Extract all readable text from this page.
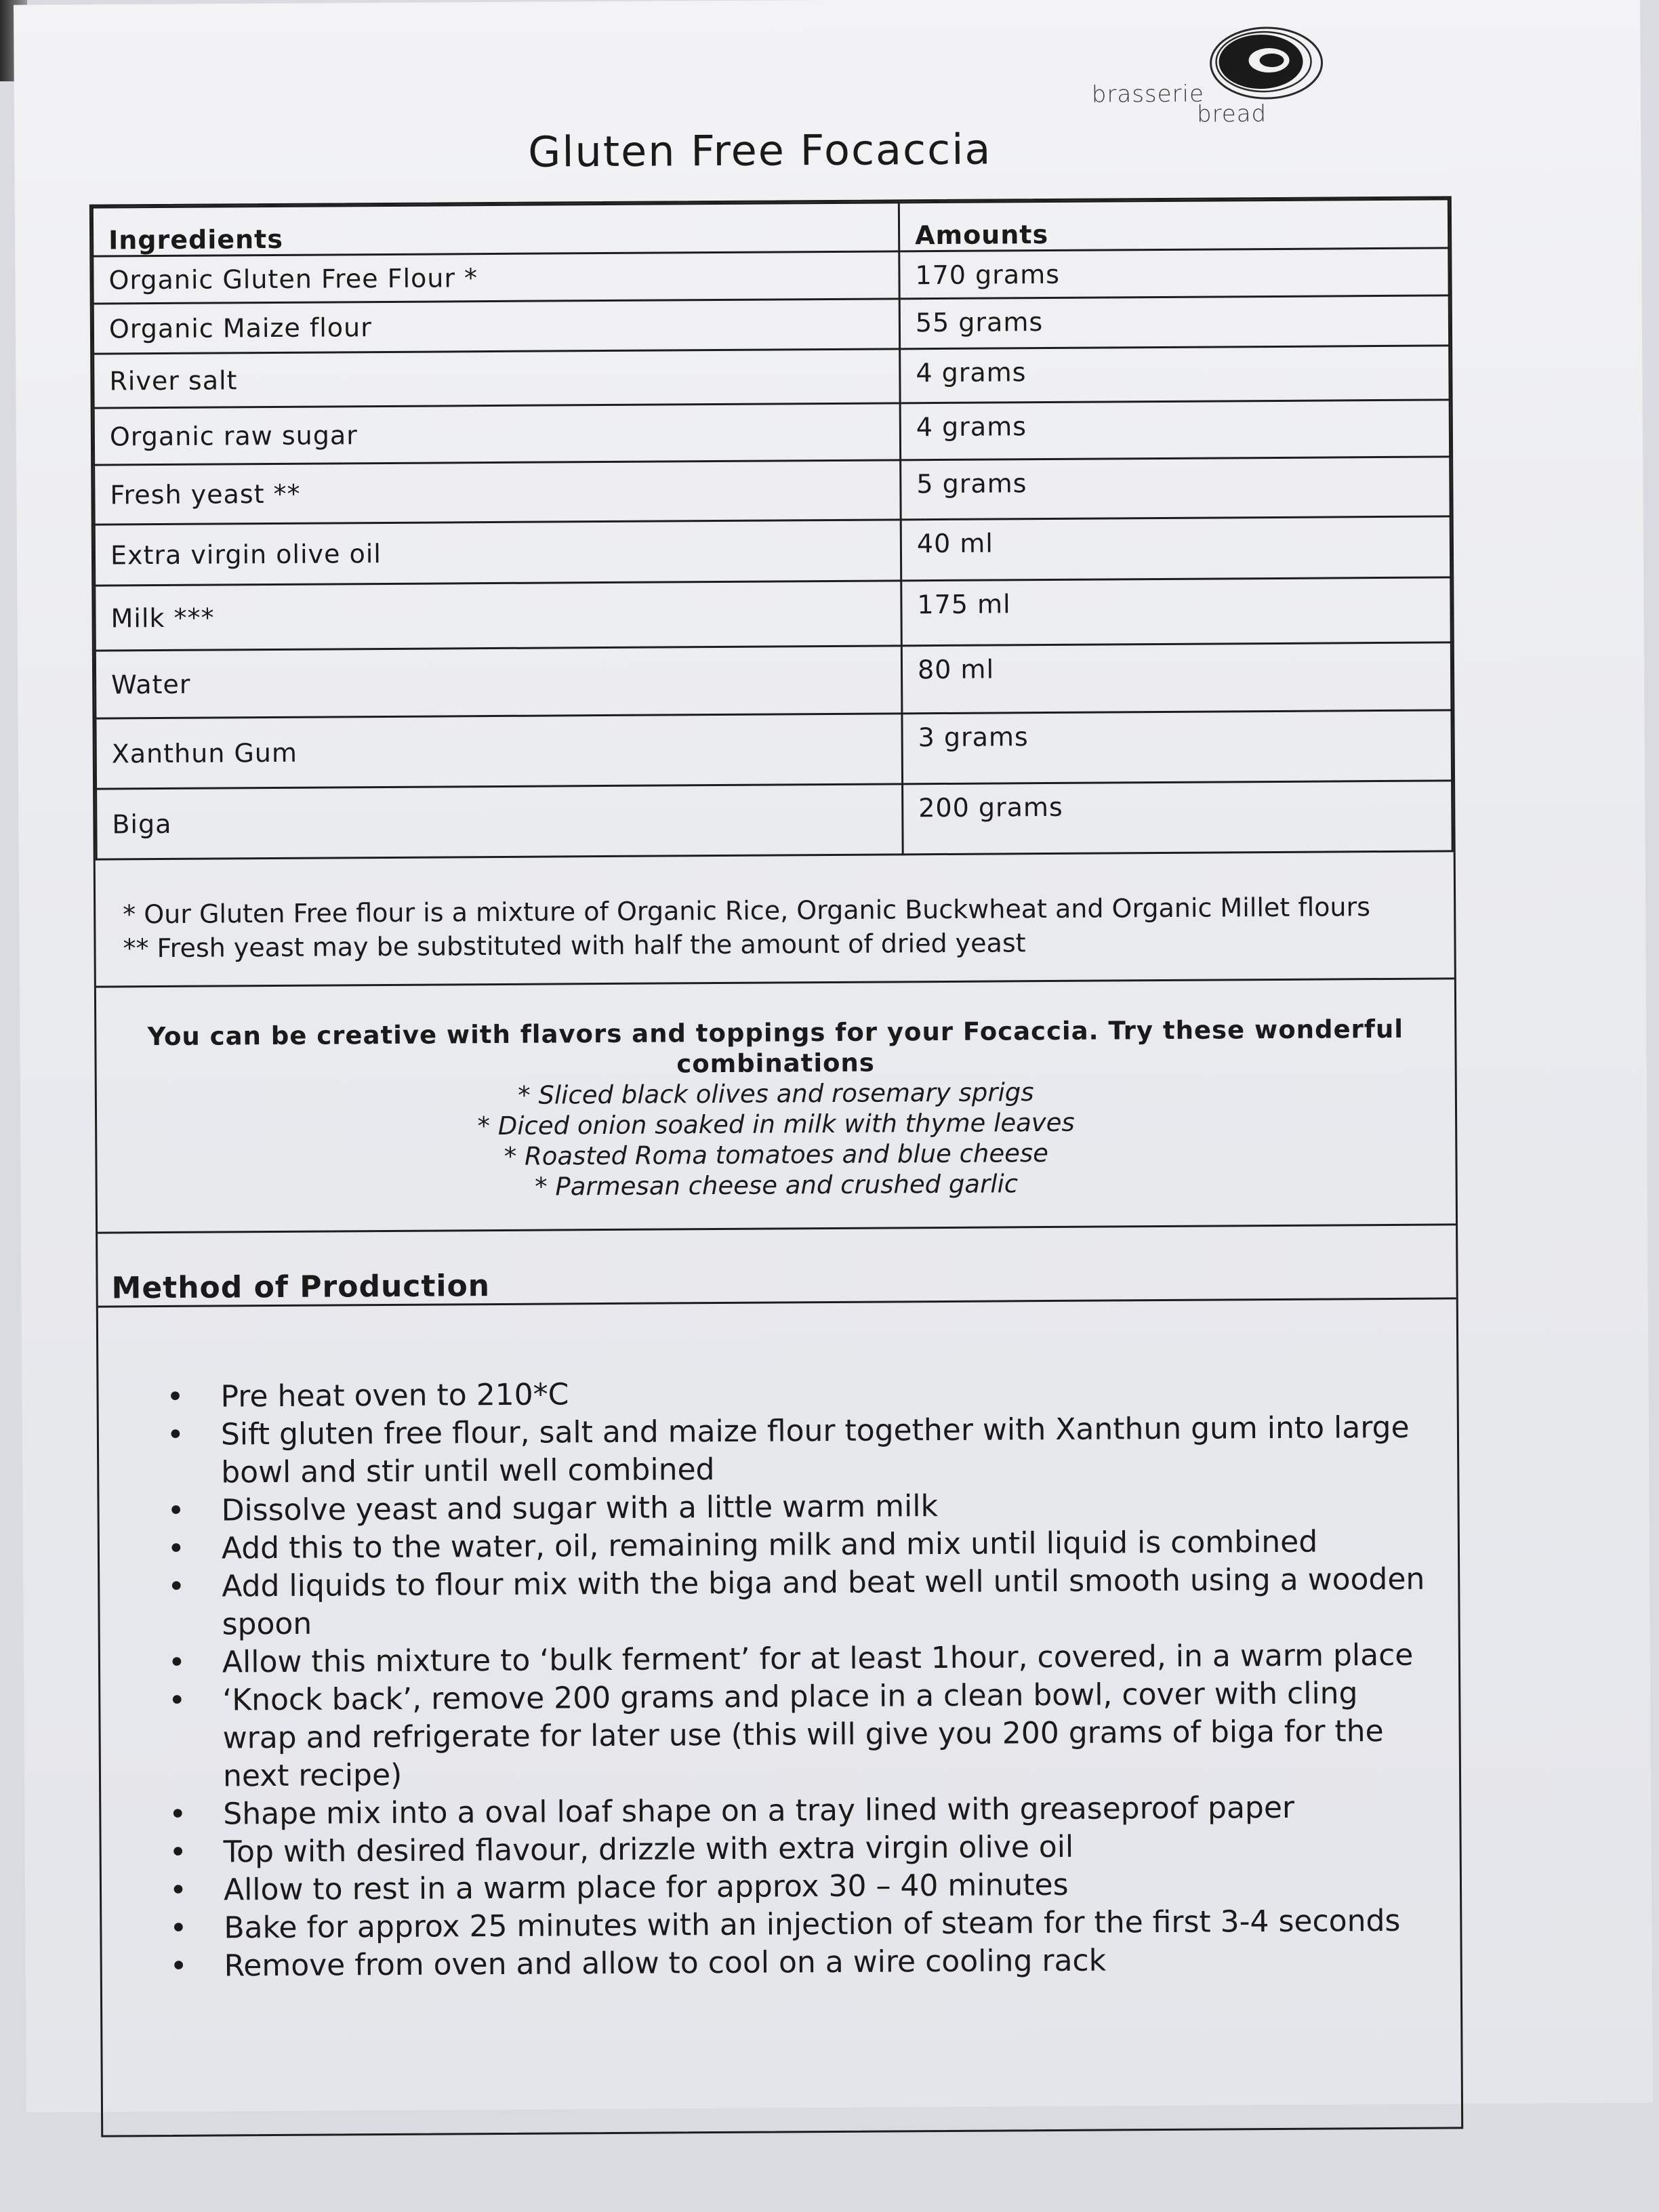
brasserie
bread
Gluten Free Focaccia
Ingredients	Amounts
Organic Gluten Free Flour *	170 grams
Organic Maize flour	55 grams
River salt	4 grams
Organic raw sugar	4 grams
Fresh yeast **	5 grams
Extra virgin olive oil	40 ml
Milk ***	175 ml
Water	80 ml
Xanthun Gum	3 grams
Biga	200 grams
* Our Gluten Free flour is a mixture of Organic Rice, Organic Buckwheat and Organic Millet flours
** Fresh yeast may be substituted with half the amount of dried yeast
You can be creative with flavors and toppings for your Focaccia. Try these wonderful combinations
* Sliced black olives and rosemary sprigs
* Diced onion soaked in milk with thyme leaves
* Roasted Roma tomatoes and blue cheese
* Parmesan cheese and crushed garlic
Method of Production
• Pre heat oven to 210*C
• Sift gluten free flour, salt and maize flour together with Xanthun gum into large bowl and stir until well combined
• Dissolve yeast and sugar with a little warm milk
• Add this to the water, oil, remaining milk and mix until liquid is combined
• Add liquids to flour mix with the biga and beat well until smooth using a wooden spoon
• Allow this mixture to ‘bulk ferment’ for at least 1hour, covered, in a warm place
• ‘Knock back’, remove 200 grams and place in a clean bowl, cover with cling wrap and refrigerate for later use (this will give you 200 grams of biga for the next recipe)
• Shape mix into a oval loaf shape on a tray lined with greaseproof paper
• Top with desired flavour, drizzle with extra virgin olive oil
• Allow to rest in a warm place for approx 30 – 40 minutes
• Bake for approx 25 minutes with an injection of steam for the first 3-4 seconds
• Remove from oven and allow to cool on a wire cooling rack
